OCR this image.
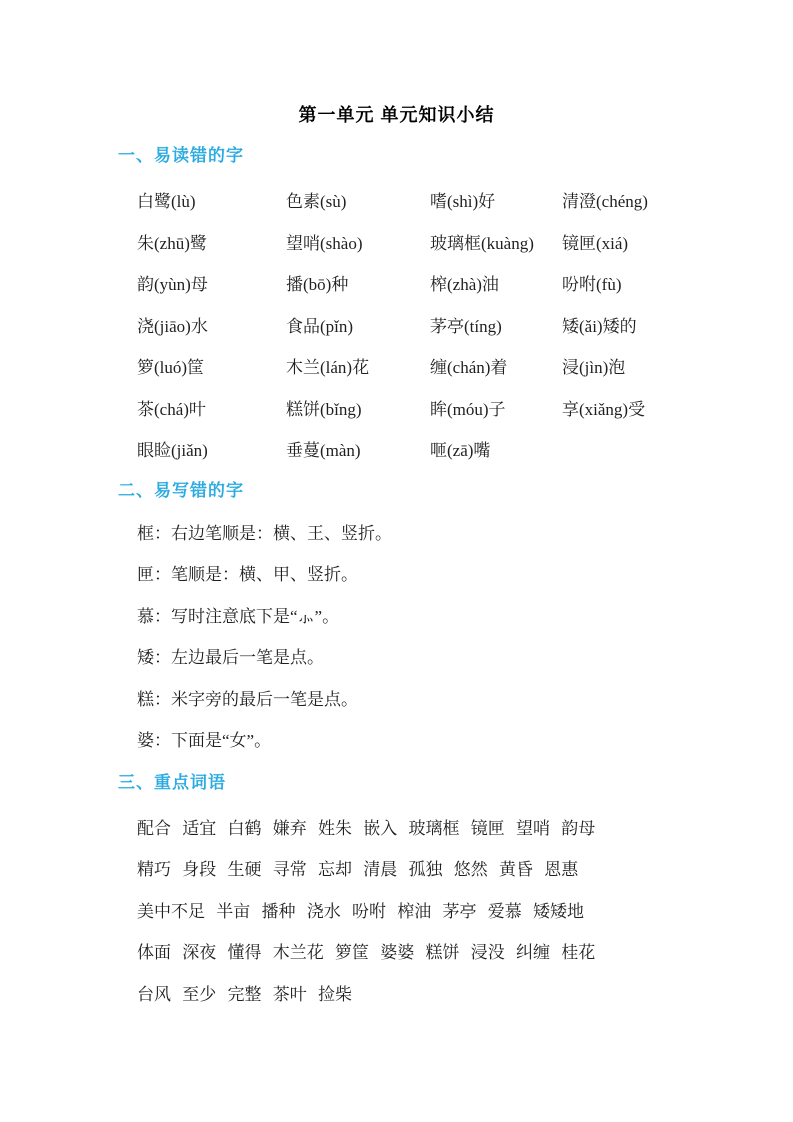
第一单元 单元知识小结
一、易读错的字
白鹭(lù)	色素(sù)	嗜(shì)好	清澄(chéng)
朱(zhū)鹭	望哨(shào)	玻璃框(kuàng)	镜匣(xiá)
韵(yùn)母	播(bō)种	榨(zhà)油	吩咐(fù)
浇(jiāo)水	食品(pǐn)	茅亭(tíng)	矮(ǎi)矮的
箩(luó)筐	木兰(lán)花	缠(chán)着	浸(jìn)泡
茶(chá)叶	糕饼(bǐng)	眸(móu)子	享(xiǎng)受
眼睑(jiǎn)	垂蔓(màn)	咂(zā)嘴
二、易写错的字

框：右边笔顺是：横、王、竖折。

匣：笔顺是：横、甲、竖折。

慕：写时注意底下是“⺗”。

矮：左边最后一笔是点。

糕：米字旁的最后一笔是点。

婆：下面是“女”。

三、重点词语

配合 适宜 白鹤 嫌弃 姓朱 嵌入 玻璃框 镜匣 望哨 韵母

精巧 身段 生硬 寻常 忘却 清晨 孤独 悠然 黄昏 恩惠

美中不足 半亩 播种 浇水 吩咐 榨油 茅亭 爱慕 矮矮地

体面 深夜 懂得 木兰花 箩筐 婆婆 糕饼 浸没 纠缠 桂花

台风 至少 完整 茶叶 捡柴
